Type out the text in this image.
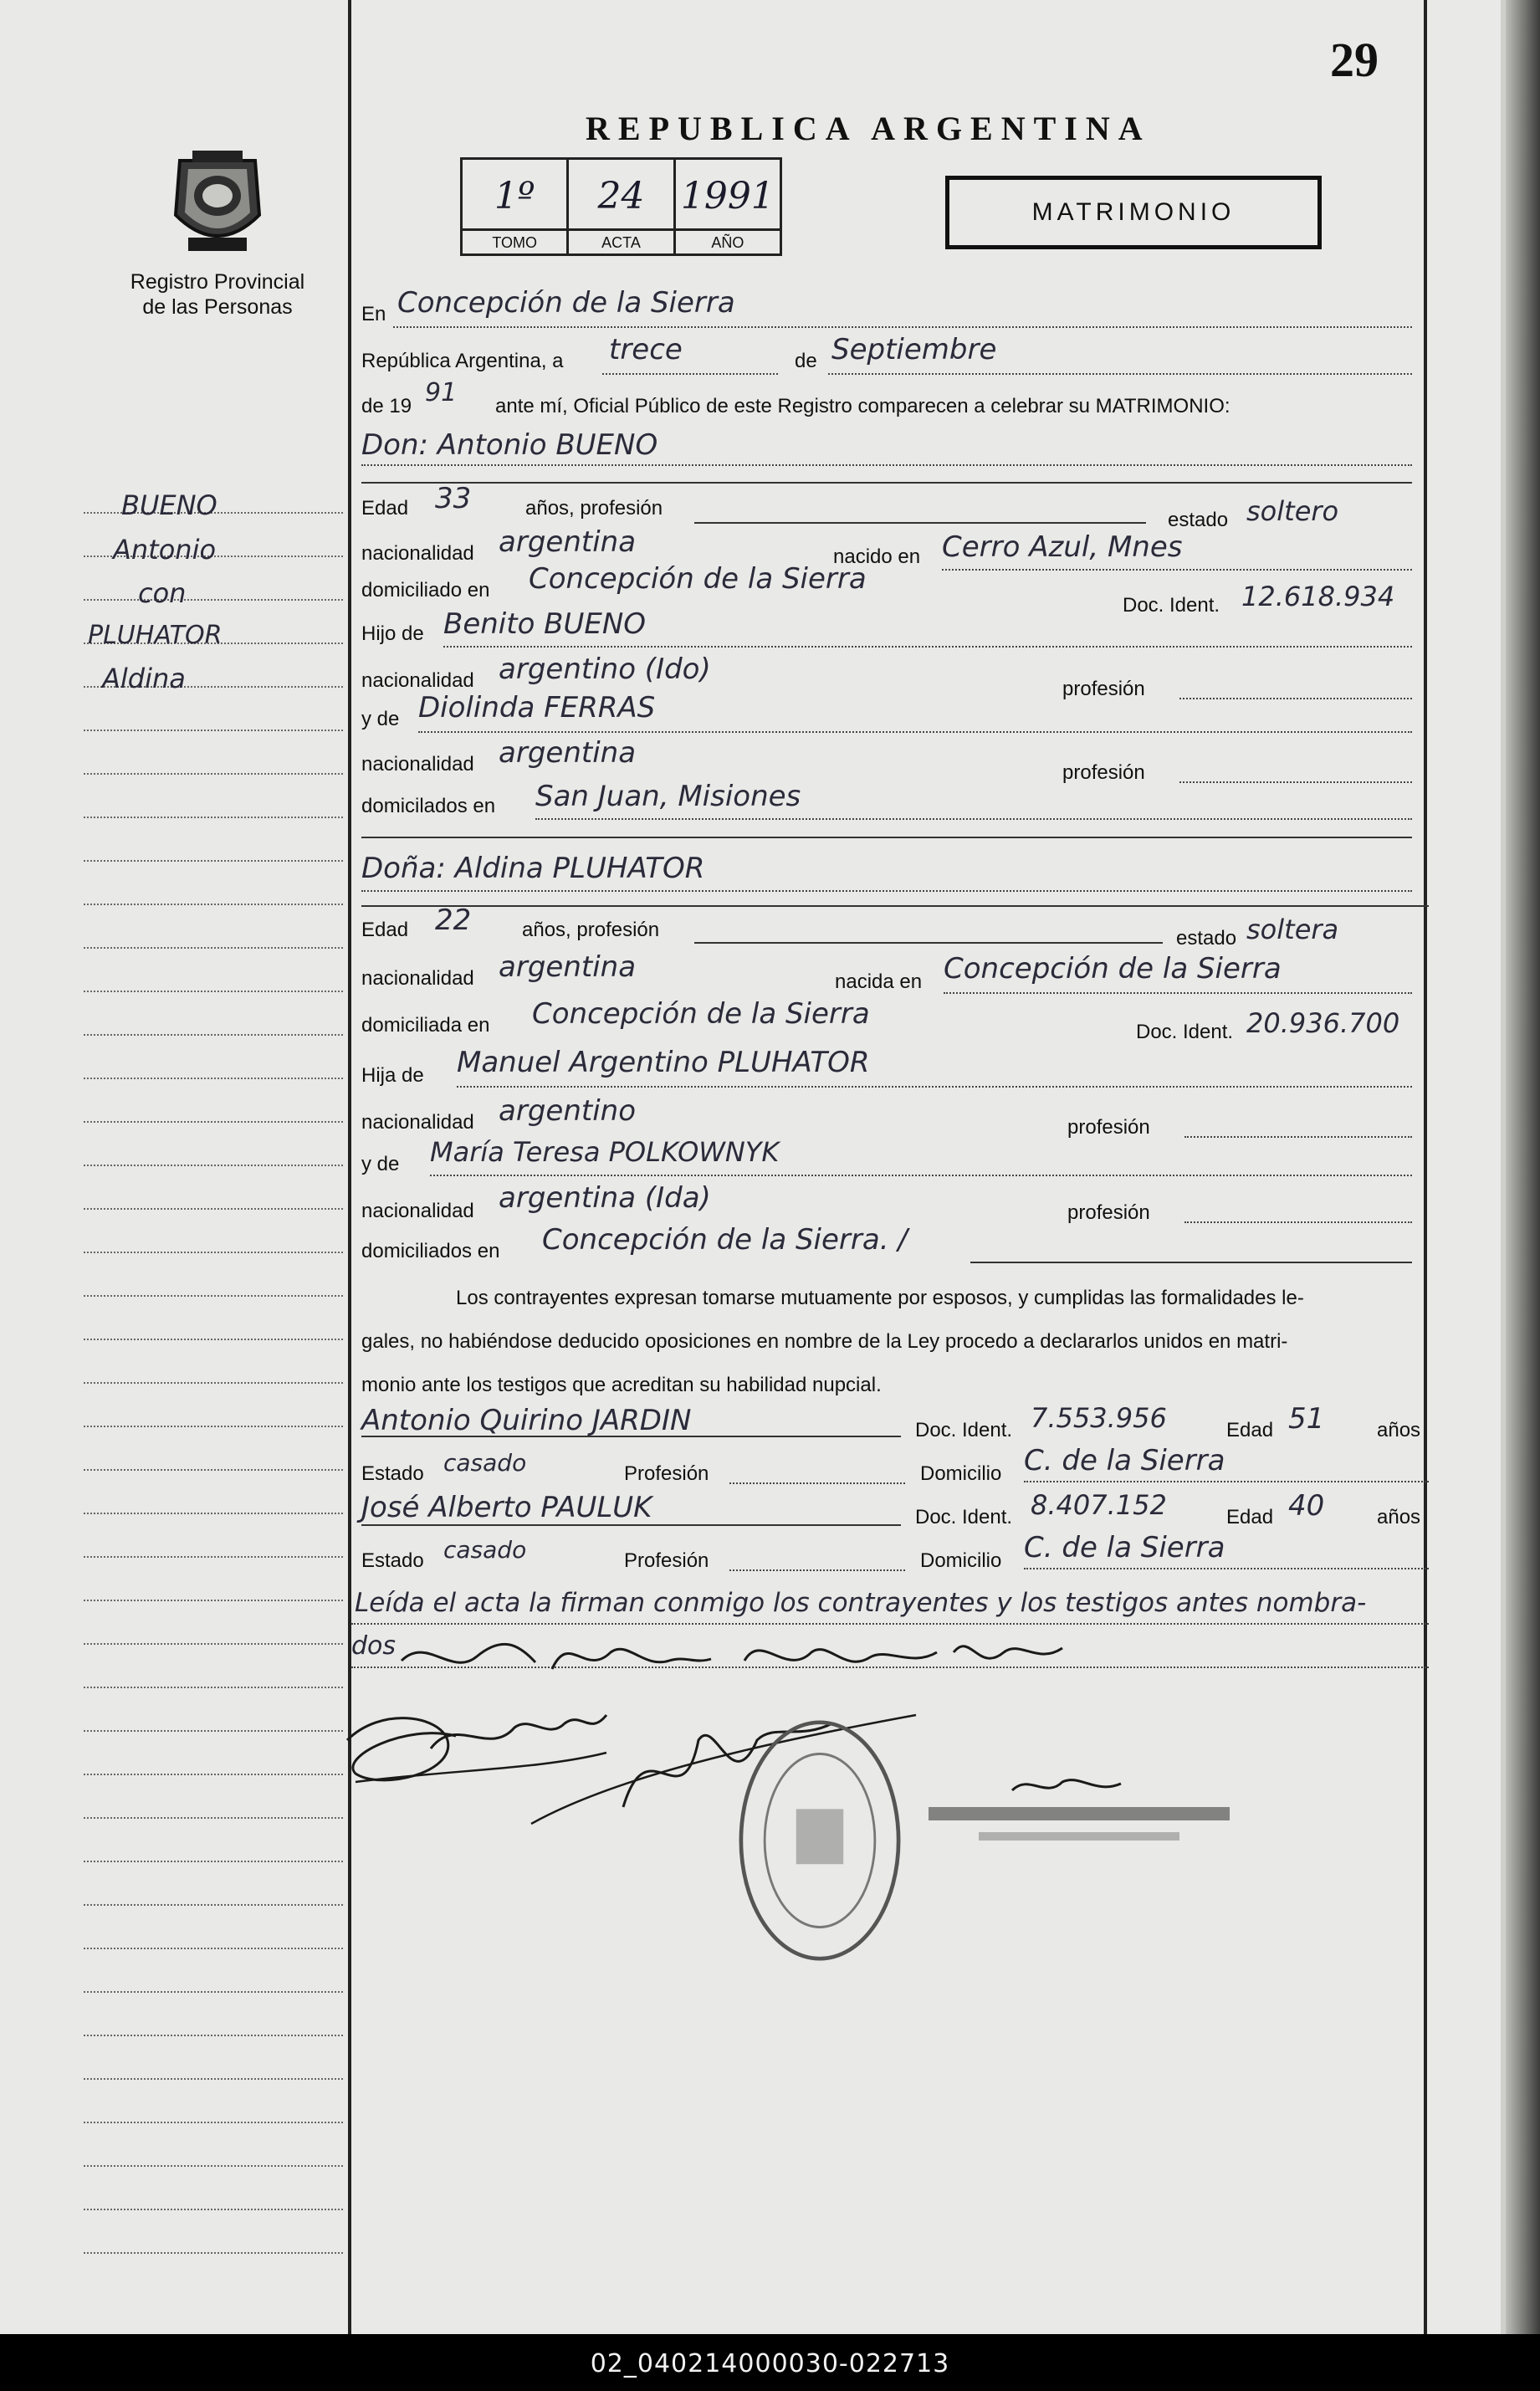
02_040214000030-022713
29
REPUBLICA ARGENTINA
Registro Provincial
de las Personas
1º
TOMO
24
ACTA
1991
AÑO
MATRIMONIO
BUENO
Antonio
con
PLUHATOR
Aldina
En Concepción de la Sierra
República Argentina, a trece	de Septiembre
de 19 91 ante mí, Oficial Público de este Registro comparecen a celebrar su MATRIMONIO:
Don: Antonio BUENO
Edad 33	años, profesión
estado soltero
nacionalidad argentina	nacido en Cerro Azul, Mnes
domiciliado en Concepción de la Sierra
Doc. Ident. 12.618.934
Hijo de Benito BUENO
nacionalidad argentino (Ido)
profesión
y de Diolinda FERRAS
nacionalidad argentina
profesión
domicilados en San Juan, Misiones
Doña: Aldina PLUHATOR
Edad 22	años, profesión	estado soltera
nacionalidad argentina	nacida en Concepción de la Sierra
domiciliada en Concepción de la Sierra
Doc. Ident. 20.936.700
Hija de Manuel Argentino PLUHATOR
nacionalidad argentino	profesión
y de María Teresa POLKOWNYK
nacionalidad argentina (Ida)	profesión
domiciliados en Concepción de la Sierra. /
Los contrayentes expresan tomarse mutuamente por esposos, y cumplidas las formalidades le-
gales, no habiéndose deducido oposiciones en nombre de la Ley procedo a declararlos unidos en matri-
monio ante los testigos que acreditan su habilidad nupcial.
Antonio Quirino JARDIN	Doc. Ident. 7.553.956	Edad 51	años
Estado casado	Profesión	Domicilio C. de la Sierra
José Alberto PAULUK	Doc. Ident. 8.407.152	Edad 40	años
Estado casado	Profesión	Domicilio C. de la Sierra
Leída el acta la firman conmigo los contrayentes y los testigos antes nombra-
dos
